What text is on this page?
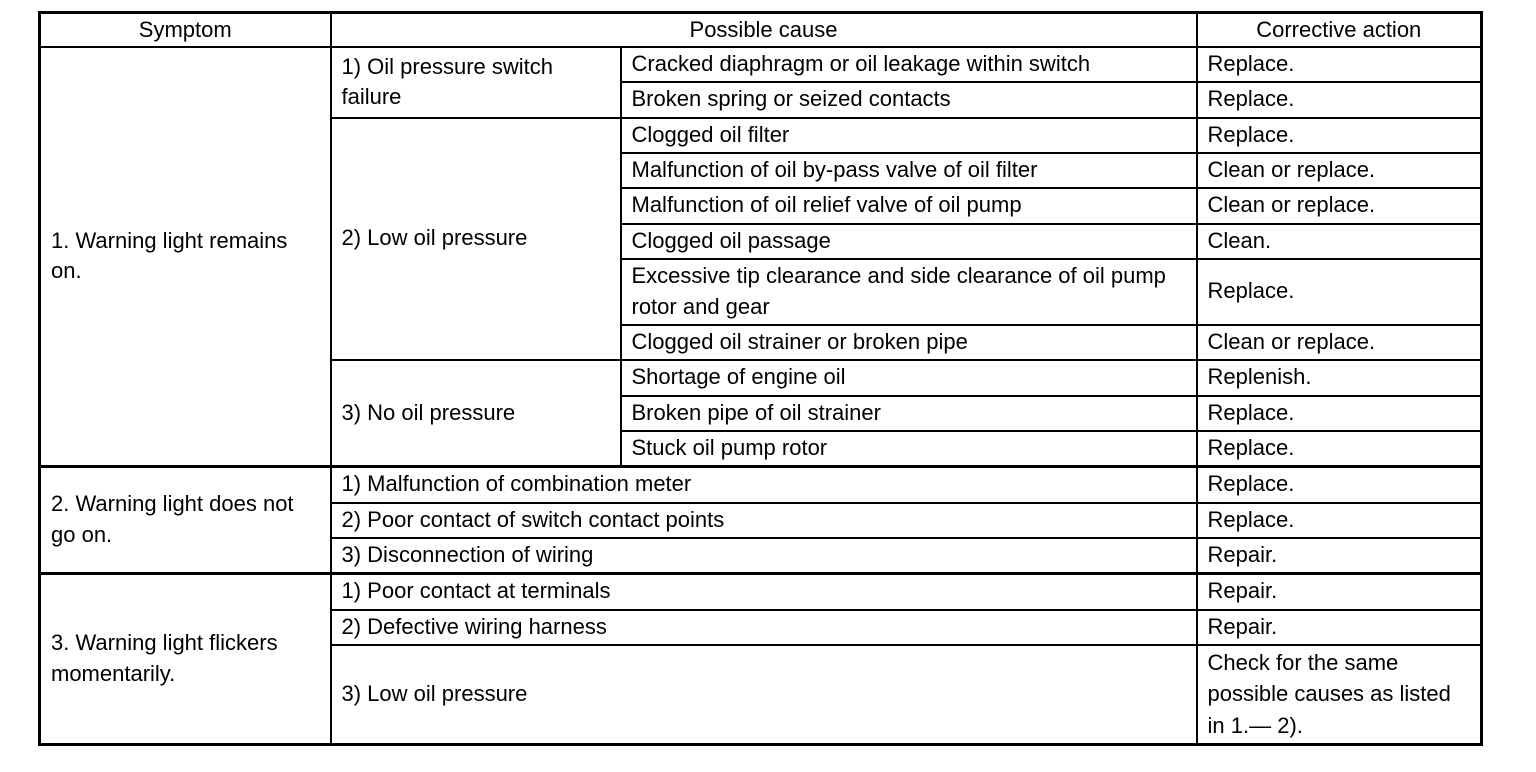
Symptom	Possible cause		Corrective action
1. Warning light remains on.	1) Oil pressure switch failure	Cracked diaphragm or oil leakage within switch	Replace.
		Broken spring or seized contacts	Replace.
	2) Low oil pressure	Clogged oil filter	Replace.
		Malfunction of oil by-pass valve of oil filter	Clean or replace.
		Malfunction of oil relief valve of oil pump	Clean or replace.
		Clogged oil passage	Clean.
		Excessive tip clearance and side clearance of oil pump rotor and gear	Replace.
		Clogged oil strainer or broken pipe	Clean or replace.
	3) No oil pressure	Shortage of engine oil	Replenish.
		Broken pipe of oil strainer	Replace.
		Stuck oil pump rotor	Replace.
2. Warning light does not go on.	1) Malfunction of combination meter		Replace.
	2) Poor contact of switch contact points		Replace.
	3) Disconnection of wiring		Repair.
3. Warning light flickers momentarily.	1) Poor contact at terminals		Repair.
	2) Defective wiring harness		Repair.
	3) Low oil pressure		Check for the same possible causes as listed in 1.— 2).
